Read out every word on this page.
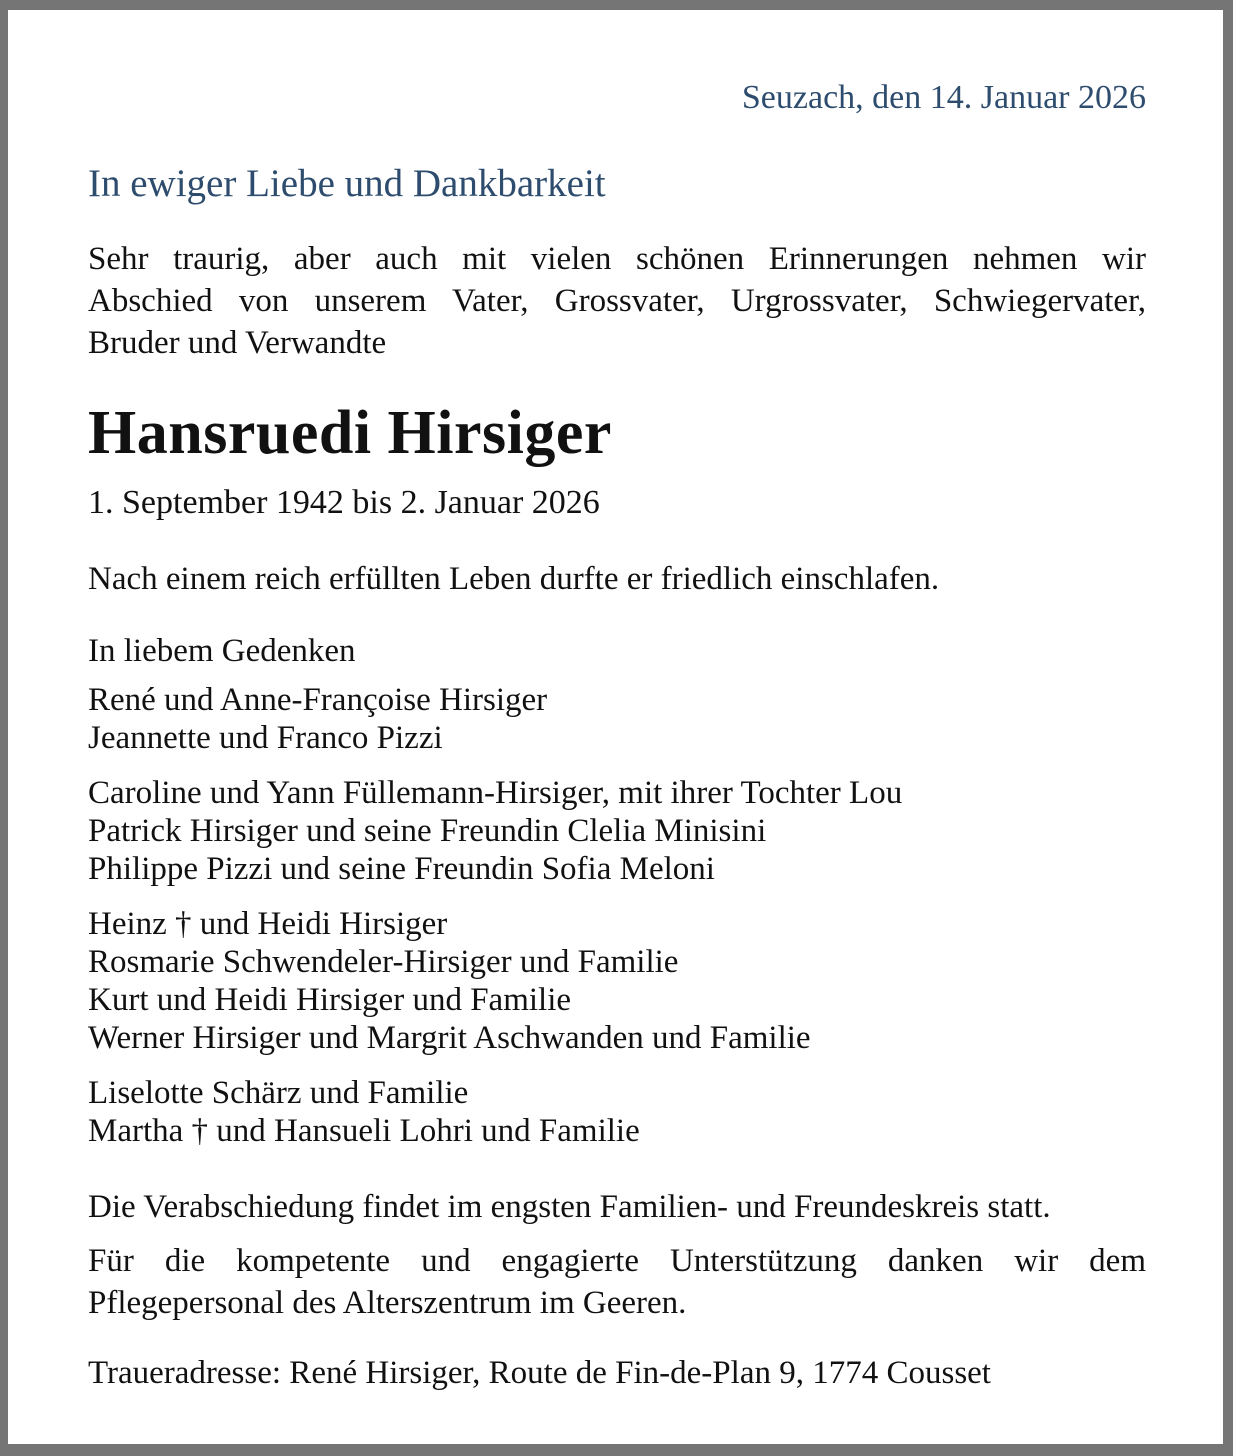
Seuzach, den 14. Januar 2026
In ewiger Liebe und Dankbarkeit
Sehr traurig, aber auch mit vielen schönen Erinnerungen nehmen wir
Abschied von unserem Vater, Grossvater, Urgrossvater, Schwiegervater,
Bruder und Verwandte
Hansruedi Hirsiger
1. September 1942 bis 2. Januar 2026
Nach einem reich erfüllten Leben durfte er friedlich einschlafen.
In liebem Gedenken
René und Anne-Françoise Hirsiger
Jeannette und Franco Pizzi
Caroline und Yann Füllemann-Hirsiger, mit ihrer Tochter Lou
Patrick Hirsiger und seine Freundin Clelia Minisini
Philippe Pizzi und seine Freundin Sofia Meloni
Heinz † und Heidi Hirsiger
Rosmarie Schwendeler-Hirsiger und Familie
Kurt und Heidi Hirsiger und Familie
Werner Hirsiger und Margrit Aschwanden und Familie
Liselotte Schärz und Familie
Martha † und Hansueli Lohri und Familie
Die Verabschiedung findet im engsten Familien- und Freundeskreis statt.
Für die kompetente und engagierte Unterstützung danken wir dem
Pflegepersonal des Alterszentrum im Geeren.
Traueradresse: René Hirsiger, Route de Fin-de-Plan 9, 1774 Cousset
